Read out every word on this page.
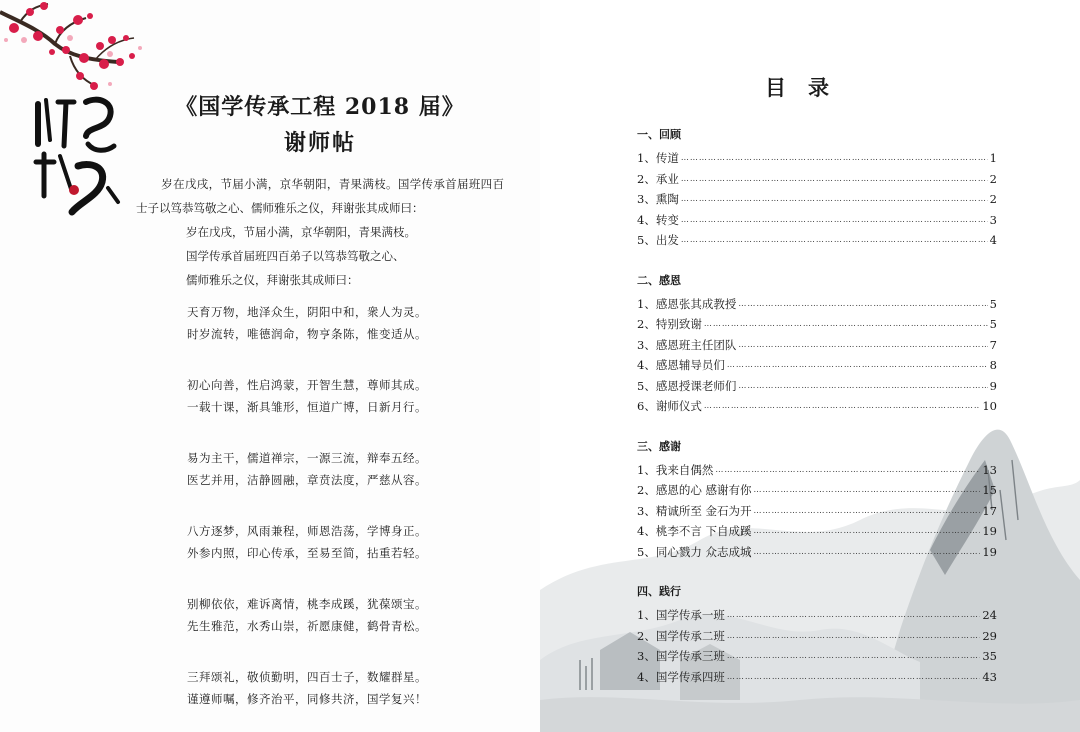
《国学传承工程 2018 届》
谢师帖

岁在戊戌，节届小满，京华朝阳，青果满枝。国学传承首届班四百士子以笃恭笃敬之心、儒师雅乐之仪，拜谢张其成师曰：

岁在戊戌，节届小满，京华朝阳，青果满枝。

国学传承首届班四百弟子以笃恭笃敬之心、

儒师雅乐之仪，拜谢张其成师曰：

天育万物，地泽众生，阴阳中和，衆人为灵。
时岁流转，唯德润命，物亨条陈，惟变适从。
初心向善，性启鸿蒙，开智生慧，尊师其成。
一载十课，渐具雏形，恒道广博，日新月行。
易为主干，儒道禅宗，一源三流，辩奉五经。
医艺并用，洁静圆融，章贲法度，严慈从容。
八方逐梦，风雨兼程，师恩浩荡，学博身正。
外参内照，印心传承，至易至简，拈重若轻。
别柳依依，难诉离情，桃李成蹊，犹葆颂宝。
先生雅范，水秀山崇，祈愿康健，鹤骨青松。
三拜颂礼，敬侦勤明，四百士子，数耀群星。
谨遵师嘱，修齐治平，同修共济，国学复兴！
目录
一、回顾
1、传道 ……………………………………………………………………………………………………………………………………………………………………………………	1
2、承业 ……………………………………………………………………………………………………………………………………………………………………………………	2
3、熏陶 ……………………………………………………………………………………………………………………………………………………………………………………	2
4、转变 ……………………………………………………………………………………………………………………………………………………………………………………	3
5、出发 ……………………………………………………………………………………………………………………………………………………………………………………	4
二、感恩
1、感恩张其成教授 ……………………………………………………………………………………………………………………………………………………………………………………	5
2、特别致谢 ……………………………………………………………………………………………………………………………………………………………………………………	5
3、感恩班主任团队 ……………………………………………………………………………………………………………………………………………………………………………………	7
4、感恩辅导员们 ……………………………………………………………………………………………………………………………………………………………………………………	8
5、感恩授课老师们 ……………………………………………………………………………………………………………………………………………………………………………………	9
6、谢师仪式 ……………………………………………………………………………………………………………………………………………………………………………………	10
三、感谢
1、我来自偶然 ……………………………………………………………………………………………………………………………………………………………………………………	13
2、感恩的心 感谢有你 ……………………………………………………………………………………………………………………………………………………………………………………	15
3、精诚所至 金石为开 ……………………………………………………………………………………………………………………………………………………………………………………	17
4、桃李不言 下自成蹊 ……………………………………………………………………………………………………………………………………………………………………………………	19
5、同心戮力 众志成城 ……………………………………………………………………………………………………………………………………………………………………………………	19
四、践行
1、国学传承一班 ……………………………………………………………………………………………………………………………………………………………………………………	24
2、国学传承二班 ……………………………………………………………………………………………………………………………………………………………………………………	29
3、国学传承三班 ……………………………………………………………………………………………………………………………………………………………………………………	35
4、国学传承四班 ……………………………………………………………………………………………………………………………………………………………………………………	43
